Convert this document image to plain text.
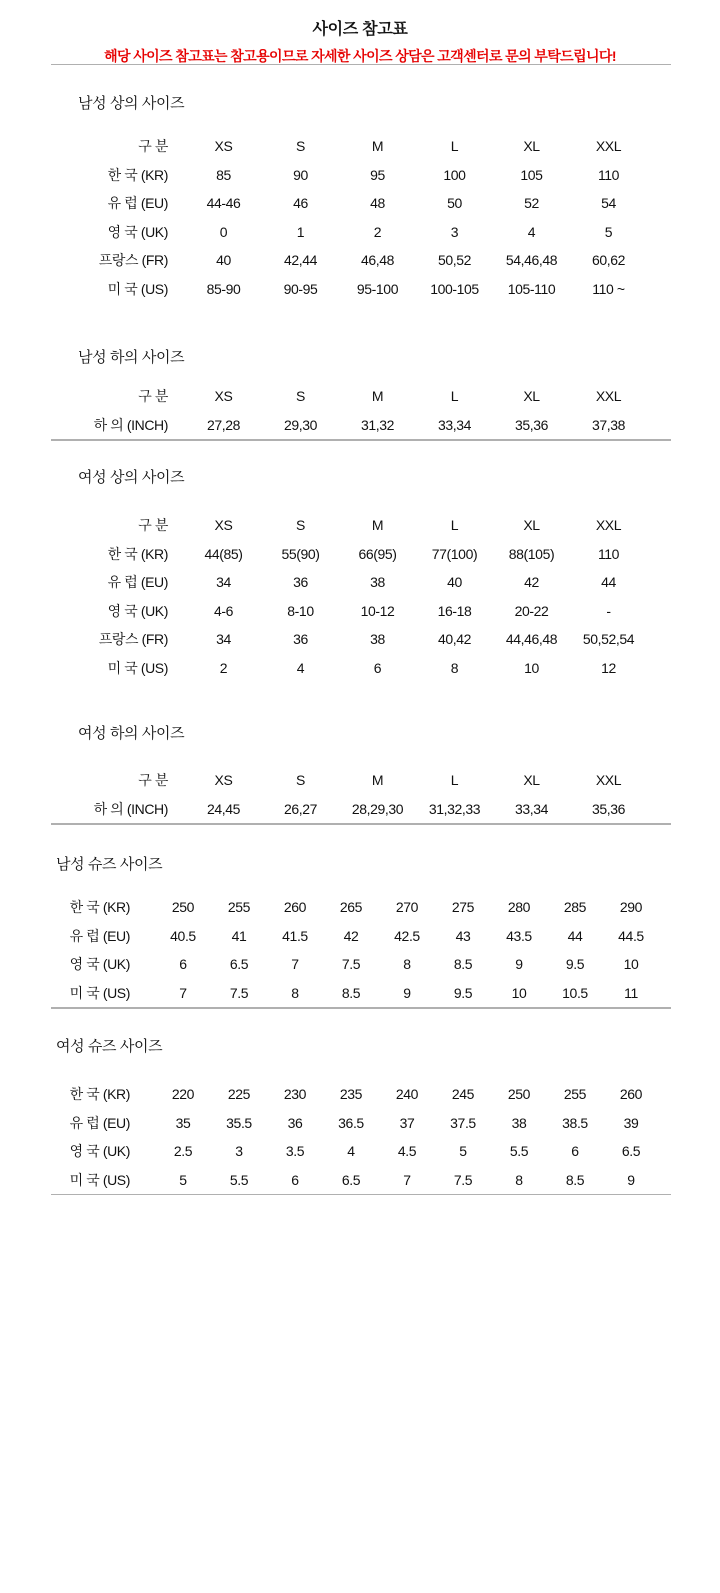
사이즈 참고표
해당 사이즈 참고표는 참고용이므로 자세한 사이즈 상담은 고객센터로 문의 부탁드립니다!
남성 상의 사이즈
구 분	XS	S	M	L	XL	XXL
한 국 (KR)	85	90	95	100	105	110
유 럽 (EU)	44-46	46	48	50	52	54
영 국 (UK)	0	1	2	3	4	5
프랑스 (FR)	40	42,44	46,48	50,52	54,46,48	60,62
미 국 (US)	85-90	90-95	95-100	100-105	105-110	110 ~
남성 하의 사이즈
구 분	XS	S	M	L	XL	XXL
하 의 (INCH)	27,28	29,30	31,32	33,34	35,36	37,38
여성 상의 사이즈
구 분	XS	S	M	L	XL	XXL
한 국 (KR)	44(85)	55(90)	66(95)	77(100)	88(105)	110
유 럽 (EU)	34	36	38	40	42	44
영 국 (UK)	4-6	8-10	10-12	16-18	20-22	-
프랑스 (FR)	34	36	38	40,42	44,46,48	50,52,54
미 국 (US)	2	4	6	8	10	12
여성 하의 사이즈
구 분	XS	S	M	L	XL	XXL
하 의 (INCH)	24,45	26,27	28,29,30	31,32,33	33,34	35,36
남성 슈즈 사이즈
한 국 (KR)	250	255	260	265	270	275	280	285	290
유 럽 (EU)	40.5	41	41.5	42	42.5	43	43.5	44	44.5
영 국 (UK)	6	6.5	7	7.5	8	8.5	9	9.5	10
미 국 (US)	7	7.5	8	8.5	9	9.5	10	10.5	11
여성 슈즈 사이즈
한 국 (KR)	220	225	230	235	240	245	250	255	260
유 럽 (EU)	35	35.5	36	36.5	37	37.5	38	38.5	39
영 국 (UK)	2.5	3	3.5	4	4.5	5	5.5	6	6.5
미 국 (US)	5	5.5	6	6.5	7	7.5	8	8.5	9
